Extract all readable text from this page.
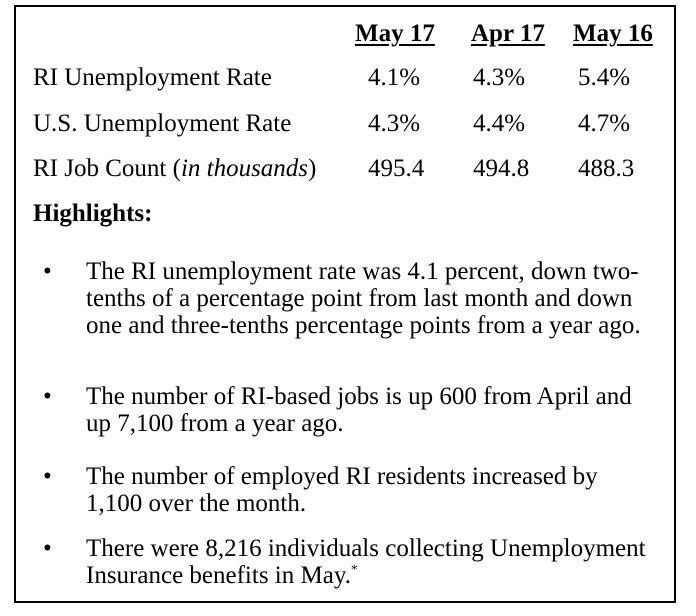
May 17 Apr 17 May 16
RI Unemployment Rate	4.1% 4.3% 5.4%
U.S. Unemployment Rate	4.3% 4.4% 4.7%
RI Job Count (in thousands) 495.4 494.8 488.3
Highlights:
• The RI unemployment rate was 4.1 percent, down two-tenths of a percentage point from last month and down one and three-tenths percentage points from a year ago.
• The number of RI-based jobs is up 600 from April and up 7,100 from a year ago.
• The number of employed RI residents increased by 1,100 over the month.
• There were 8,216 individuals collecting Unemployment Insurance benefits in May.*
